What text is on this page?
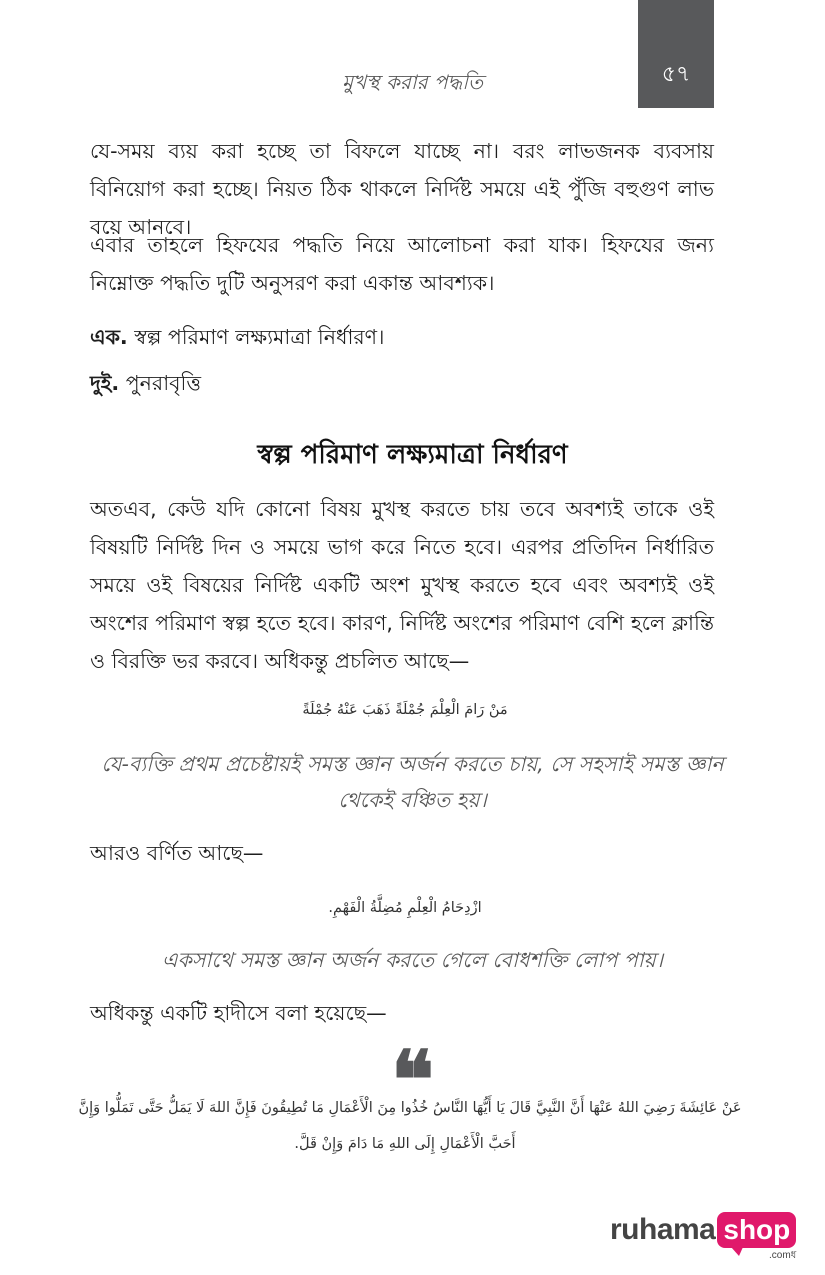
৫৭
মুখস্থ করার পদ্ধতি
যে-সময় ব্যয় করা হচ্ছে তা বিফলে যাচ্ছে না। বরং লাভজনক ব্যবসায় বিনিয়োগ করা হচ্ছে। নিয়ত ঠিক থাকলে নির্দিষ্ট সময়ে এই পুঁজি বহুগুণ লাভ বয়ে আনবে।
এবার তাহলে হিফযের পদ্ধতি নিয়ে আলোচনা করা যাক। হিফযের জন্য নিম্নোক্ত পদ্ধতি দুটি অনুসরণ করা একান্ত আবশ্যক।
এক. স্বল্প পরিমাণ লক্ষ্যমাত্রা নির্ধারণ।
দুই. পুনরাবৃত্তি
স্বল্প পরিমাণ লক্ষ্যমাত্রা নির্ধারণ
অতএব, কেউ যদি কোনো বিষয় মুখস্থ করতে চায় তবে অবশ্যই তাকে ওই বিষয়টি নির্দিষ্ট দিন ও সময়ে ভাগ করে নিতে হবে। এরপর প্রতিদিন নির্ধারিত সময়ে ওই বিষয়ের নির্দিষ্ট একটি অংশ মুখস্থ করতে হবে এবং অবশ্যই ওই অংশের পরিমাণ স্বল্প হতে হবে। কারণ, নির্দিষ্ট অংশের পরিমাণ বেশি হলে ক্লান্তি ও বিরক্তি ভর করবে। অধিকন্তু প্রচলিত আছে—
مَنْ رَامَ الْعِلْمَ جُمْلَةً ذَهَبَ عَنْهُ جُمْلَةً
যে-ব্যক্তি প্রথম প্রচেষ্টায়ই সমস্ত জ্ঞান অর্জন করতে চায়, সে সহসাই সমস্ত জ্ঞান থেকেই বঞ্চিত হয়।
আরও বর্ণিত আছে—
ازْدِحَامُ الْعِلْمِ مُضِلَّةُ الْفَهْمِ.
একসাথে সমস্ত জ্ঞান অর্জন করতে গেলে বোধশক্তি লোপ পায়।
অধিকন্তু একটি হাদীসে বলা হয়েছে—
❝
عَنْ عَائِشَةَ رَضِيَ اللهُ عَنْهَا أَنَّ النَّبِيَّ قَالَ يَا أَيُّهَا النَّاسُ خُذُوا مِنَ الْأَعْمَالِ مَا تُطِيقُونَ فَإِنَّ اللهَ لَا يَمَلُّ حَتَّى تَمَلُّوا وَإِنَّ
أَحَبَّ الْأَعْمَالِ إِلَى اللهِ مَا دَامَ وَإِنْ قَلَّ.
ruhama shop
.comধ
